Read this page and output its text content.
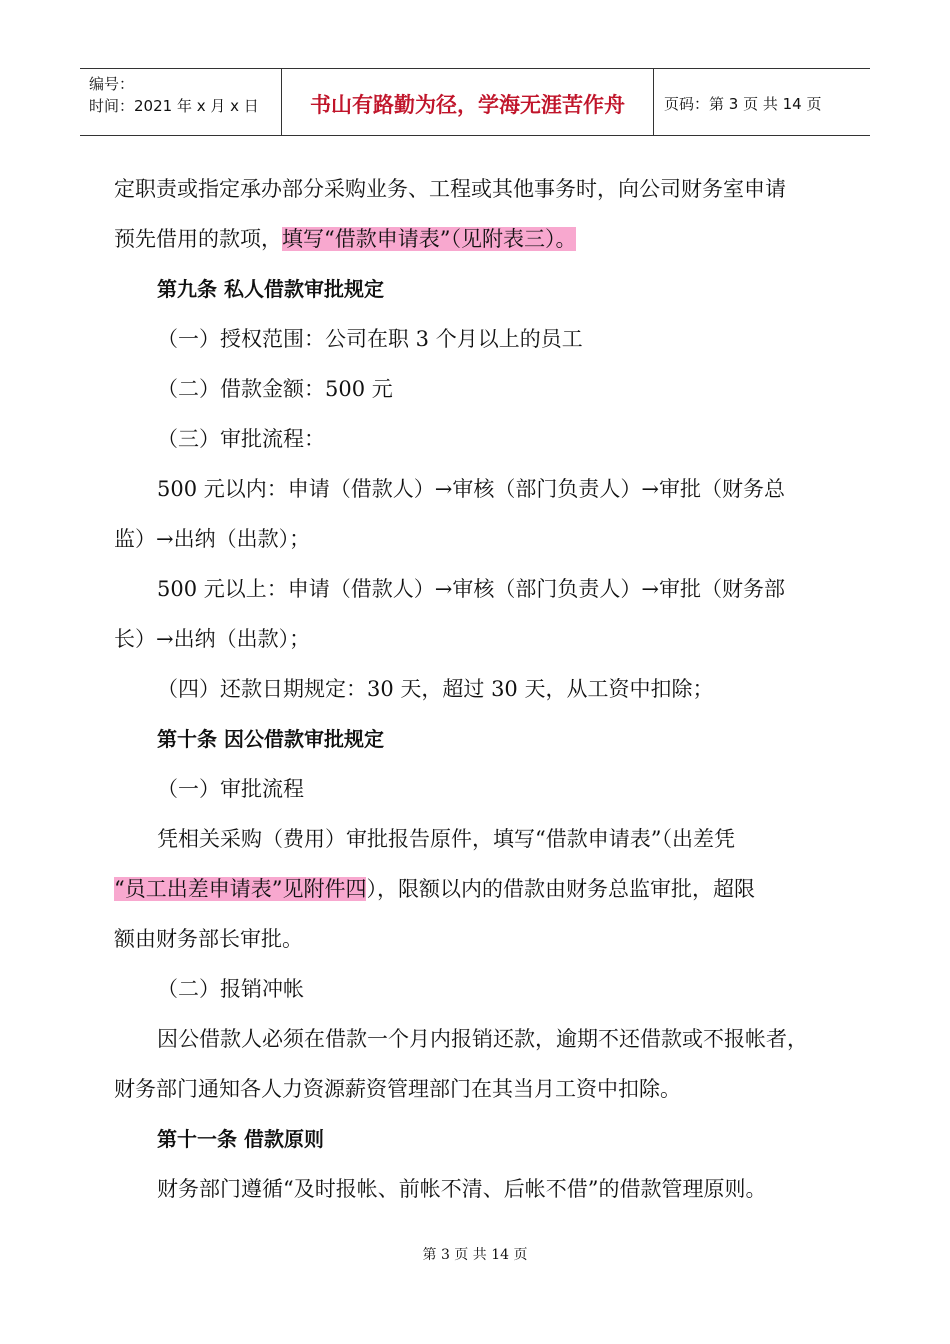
编号：
时间：2021 年 x 月 x 日	书山有路勤为径，学海无涯苦作舟	页码：第 3 页 共 14 页

定职责或指定承办部分采购业务、工程或其他事务时，向公司财务室申请

预先借用的款项，填写“借款申请表”（见附表三）。

第九条 私人借款审批规定

（一）授权范围：公司在职 3 个月以上的员工

（二）借款金额：500 元

（三）审批流程：

500 元以内：申请（借款人）→审核（部门负责人）→审批（财务总

监）→出纳（出款）；

500 元以上：申请（借款人）→审核（部门负责人）→审批（财务部

长）→出纳（出款）；

（四）还款日期规定：30 天，超过 30 天，从工资中扣除；

第十条 因公借款审批规定

（一）审批流程

凭相关采购（费用）审批报告原件，填写“借款申请表”（出差凭

“员工出差申请表”见附件四），限额以内的借款由财务总监审批，超限

额由财务部长审批。

（二）报销冲帐

因公借款人必须在借款一个月内报销还款，逾期不还借款或不报帐者，

财务部门通知各人力资源薪资管理部门在其当月工资中扣除。

第十一条 借款原则

财务部门遵循“及时报帐、前帐不清、后帐不借”的借款管理原则。

第 3 页 共 14 页
